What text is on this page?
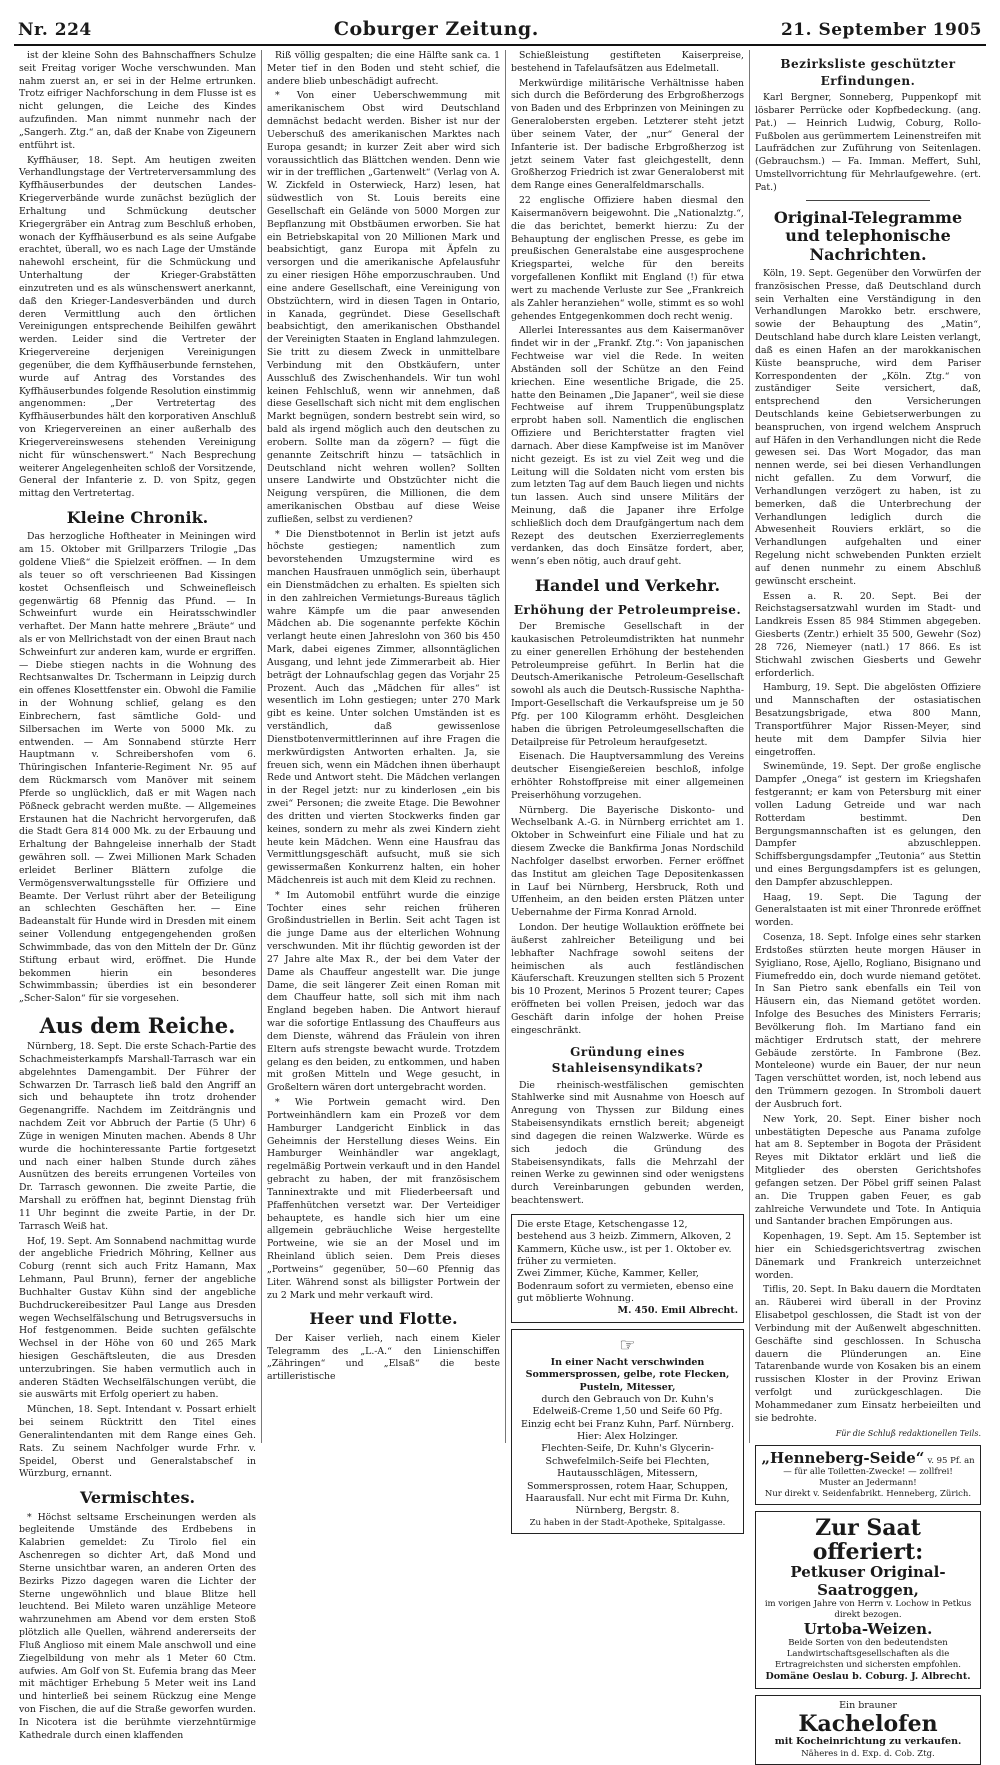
Nr. 224	Coburger Zeitung.	21. September 1905

ist der kleine Sohn des Bahnschaffners Schulze seit Freitag voriger Woche verschwunden. Man nahm zuerst an, er sei in der Helme ertrunken. Trotz eifriger Nachforschung in dem Flusse ist es nicht gelungen, die Leiche des Kindes aufzufinden. Man nimmt nunmehr nach der „Sangerh. Ztg.“ an, daß der Knabe von Zigeunern entführt ist.

Kyffhäuser, 18. Sept. Am heutigen zweiten Verhandlungstage der Vertreterversammlung des Kyffhäuserbundes der deutschen Landes-Kriegerverbände wurde zunächst bezüglich der Erhaltung und Schmückung deutscher Kriegergräber ein Antrag zum Beschluß erhoben, wonach der Kyffhäuserbund es als seine Aufgabe erachtet, überall, wo es nach Lage der Umstände nahewohl erscheint, für die Schmückung und Unterhaltung der Krieger-Grabstätten einzutreten und es als wünschenswert anerkannt, daß den Krieger-Landesverbänden und durch deren Vermittlung auch den örtlichen Vereinigungen entsprechende Beihilfen gewährt werden. Leider sind die Vertreter der Kriegervereine derjenigen Vereinigungen gegenüber, die dem Kyffhäuserbunde fernstehen, wurde auf Antrag des Vorstandes des Kyffhäuserbundes folgende Resolution einstimmig angenommen: „Der Vertretertag des Kyffhäuserbundes hält den korporativen Anschluß von Kriegervereinen an einer außerhalb des Kriegervereinswesens stehenden Vereinigung nicht für wünschenswert.“ Nach Besprechung weiterer Angelegenheiten schloß der Vorsitzende, General der Infanterie z. D. von Spitz, gegen mittag den Vertretertag.

Kleine Chronik.

Das herzogliche Hoftheater in Meiningen wird am 15. Oktober mit Grillparzers Trilogie „Das goldene Vließ“ die Spielzeit eröffnen. — In dem als teuer so oft verschrieenen Bad Kissingen kostet Ochsenfleisch und Schweinefleisch gegenwärtig 68 Pfennig das Pfund. — In Schweinfurt wurde ein Heiratsschwindler verhaftet. Der Mann hatte mehrere „Bräute“ und als er von Mellrichstadt von der einen Braut nach Schweinfurt zur anderen kam, wurde er ergriffen. — Diebe stiegen nachts in die Wohnung des Rechtsanwaltes Dr. Tschermann in Leipzig durch ein offenes Klosettfenster ein. Obwohl die Familie in der Wohnung schlief, gelang es den Einbrechern, fast sämtliche Gold- und Silbersachen im Werte von 5000 Mk. zu entwenden. — Am Sonnabend stürzte Herr Hauptmann v. Schreibershofen vom 6. Thüringischen Infanterie-Regiment Nr. 95 auf dem Rückmarsch vom Manöver mit seinem Pferde so unglücklich, daß er mit Wagen nach Pößneck gebracht werden mußte. — Allgemeines Erstaunen hat die Nachricht hervorgerufen, daß die Stadt Gera 814 000 Mk. zu der Erbauung und Erhaltung der Bahngeleise innerhalb der Stadt gewähren soll. — Zwei Millionen Mark Schaden erleidet Berliner Blättern zufolge die Vermögensverwaltungsstelle für Offiziere und Beamte. Der Verlust rührt aber der Beteiligung an schlechten Geschäften her. — Eine Badeanstalt für Hunde wird in Dresden mit einem seiner Vollendung entgegengehenden großen Schwimmbade, das von den Mitteln der Dr. Günz Stiftung erbaut wird, eröffnet. Die Hunde bekommen hierin ein besonderes Schwimmbassin; überdies ist ein besonderer „Scher-Salon“ für sie vorgesehen.

Aus dem Reiche.

Nürnberg, 18. Sept. Die erste Schach-Partie des Schachmeisterkampfs Marshall-Tarrasch war ein abgelehntes Damengambit. Der Führer der Schwarzen Dr. Tarrasch ließ bald den Angriff an sich und behauptete ihn trotz drohender Gegenangriffe. Nachdem im Zeitdrängnis und nachdem Zeit vor Abbruch der Partie (5 Uhr) 6 Züge in wenigen Minuten machen. Abends 8 Uhr wurde die hochinteressante Partie fortgesetzt und nach einer halben Stunde durch zähes Ausnützen des bereits errungenen Vorteiles von Dr. Tarrasch gewonnen. Die zweite Partie, die Marshall zu eröffnen hat, beginnt Dienstag früh 11 Uhr beginnt die zweite Partie, in der Dr. Tarrasch Weiß hat.

Hof, 19. Sept. Am Sonnabend nachmittag wurde der angebliche Friedrich Möhring, Kellner aus Coburg (rennt sich auch Fritz Hamann, Max Lehmann, Paul Brunn), ferner der angebliche Buchhalter Gustav Kühn sind der angebliche Buchdruckereibesitzer Paul Lange aus Dresden wegen Wechselfälschung und Betrugsversuchs in Hof festgenommen. Beide suchten gefälschte Wechsel in der Höhe von 60 und 265 Mark hiesigen Geschäftsleuten, die aus Dresden unterzubringen. Sie haben vermutlich auch in anderen Städten Wechselfälschungen verübt, die sie auswärts mit Erfolg operiert zu haben.

München, 18. Sept. Intendant v. Possart erhielt bei seinem Rücktritt den Titel eines Generalintendanten mit dem Range eines Geh. Rats. Zu seinem Nachfolger wurde Frhr. v. Speidel, Oberst und Generalstabschef in Würzburg, ernannt.

Vermischtes.

* Höchst seltsame Erscheinungen werden als begleitende Umstände des Erdbebens in Kalabrien gemeldet: Zu Tirolo fiel ein Aschenregen so dichter Art, daß Mond und Sterne unsichtbar waren, an anderen Orten des Bezirks Pizzo dagegen waren die Lichter der Sterne ungewöhnlich und blaue Blitze hell leuchtend. Bei Mileto waren unzählige Meteore wahrzunehmen am Abend vor dem ersten Stoß plötzlich alle Quellen, während andererseits der Fluß Anglioso mit einem Male anschwoll und eine Ziegelbildung von mehr als 1 Meter 60 Ctm. aufwies. Am Golf von St. Eufemia brang das Meer mit mächtiger Erhebung 5 Meter weit ins Land und hinterließ bei seinem Rückzug eine Menge von Fischen, die auf die Straße geworfen wurden. In Nicotera ist die berühmte vierzehntürmige Kathedrale durch einen klaffenden

Riß völlig gespalten; die eine Hälfte sank ca. 1 Meter tief in den Boden und steht schief, die andere blieb unbeschädigt aufrecht.

* Von einer Ueberschwemmung mit amerikanischem Obst wird Deutschland demnächst bedacht werden. Bisher ist nur der Ueberschuß des amerikanischen Marktes nach Europa gesandt; in kurzer Zeit aber wird sich voraussichtlich das Blättchen wenden. Denn wie wir in der trefflichen „Gartenwelt“ (Verlag von A. W. Zickfeld in Osterwieck, Harz) lesen, hat südwestlich von St. Louis bereits eine Gesellschaft ein Gelände von 5000 Morgen zur Bepflanzung mit Obstbäumen erworben. Sie hat ein Betriebskapital von 20 Millionen Mark und beabsichtigt, ganz Europa mit Äpfeln zu versorgen und die amerikanische Apfelausfuhr zu einer riesigen Höhe emporzuschrauben. Und eine andere Gesellschaft, eine Vereinigung von Obstzüchtern, wird in diesen Tagen in Ontario, in Kanada, gegründet. Diese Gesellschaft beabsichtigt, den amerikanischen Obsthandel der Vereinigten Staaten in England lahmzulegen. Sie tritt zu diesem Zweck in unmittelbare Verbindung mit den Obstkäufern, unter Ausschluß des Zwischenhandels. Wir tun wohl keinen Fehlschluß, wenn wir annehmen, daß diese Gesellschaft sich nicht mit dem englischen Markt begnügen, sondern bestrebt sein wird, so bald als irgend möglich auch den deutschen zu erobern. Sollte man da zögern? — fügt die genannte Zeitschrift hinzu — tatsächlich in Deutschland nicht wehren wollen? Sollten unsere Landwirte und Obstzüchter nicht die Neigung verspüren, die Millionen, die dem amerikanischen Obstbau auf diese Weise zufließen, selbst zu verdienen?

* Die Dienstbotennot in Berlin ist jetzt aufs höchste gestiegen; namentlich zum bevorstehenden Umzugstermine wird es manchen Hausfrauen unmöglich sein, überhaupt ein Dienstmädchen zu erhalten. Es spielten sich in den zahlreichen Vermietungs-Bureaus täglich wahre Kämpfe um die paar anwesenden Mädchen ab. Die sogenannte perfekte Köchin verlangt heute einen Jahreslohn von 360 bis 450 Mark, dabei eigenes Zimmer, allsonntäglichen Ausgang, und lehnt jede Zimmerarbeit ab. Hier beträgt der Lohnaufschlag gegen das Vorjahr 25 Prozent. Auch das „Mädchen für alles“ ist wesentlich im Lohn gestiegen; unter 270 Mark gibt es keine. Unter solchen Umständen ist es verständlich, daß gewissenlose Dienstbotenvermittlerinnen auf ihre Fragen die merkwürdigsten Antworten erhalten. Ja, sie freuen sich, wenn ein Mädchen ihnen überhaupt Rede und Antwort steht. Die Mädchen verlangen in der Regel jetzt: nur zu kinderlosen „ein bis zwei“ Personen; die zweite Etage. Die Bewohner des dritten und vierten Stockwerks finden gar keines, sondern zu mehr als zwei Kindern zieht heute kein Mädchen. Wenn eine Hausfrau das Vermittlungsgeschäft aufsucht, muß sie sich gewissermaßen Konkurrenz halten, ein hoher Mädchenreis ist auch mit dem Kleid zu rechnen.

* Im Automobil entführt wurde die einzige Tochter eines sehr reichen früheren Großindustriellen in Berlin. Seit acht Tagen ist die junge Dame aus der elterlichen Wohnung verschwunden. Mit ihr flüchtig geworden ist der 27 Jahre alte Max R., der bei dem Vater der Dame als Chauffeur angestellt war. Die junge Dame, die seit längerer Zeit einen Roman mit dem Chauffeur hatte, soll sich mit ihm nach England begeben haben. Die Antwort hierauf war die sofortige Entlassung des Chauffeurs aus dem Dienste, während das Fräulein von ihren Eltern aufs strengste bewacht wurde. Trotzdem gelang es den beiden, zu entkommen, und haben mit großen Mitteln und Wege gesucht, in Großeltern wären dort untergebracht worden.

* Wie Portwein gemacht wird. Den Portweinhändlern kam ein Prozeß vor dem Hamburger Landgericht Einblick in das Geheimnis der Herstellung dieses Weins. Ein Hamburger Weinhändler war angeklagt, regelmäßig Portwein verkauft und in den Handel gebracht zu haben, der mit französischem Tanninextrakte und mit Fliederbeersaft und Pfaffenhütchen versetzt war. Der Verteidiger behauptete, es handle sich hier um eine allgemein gebräuchliche Weise hergestellte Portweine, wie sie an der Mosel und im Rheinland üblich seien. Dem Preis dieses „Portweins“ gegenüber, 50—60 Pfennig das Liter. Während sonst als billigster Portwein der zu 2 Mark und mehr verkauft wird.

Heer und Flotte.

Der Kaiser verlieh, nach einem Kieler Telegramm des „L.-A.“ den Linienschiffen „Zähringen“ und „Elsaß“ die beste artilleristische

Schießleistung gestifteten Kaiserpreise, bestehend in Tafelaufsätzen aus Edelmetall.

Merkwürdige militärische Verhältnisse haben sich durch die Beförderung des Erbgroßherzogs von Baden und des Erbprinzen von Meiningen zu Generalobersten ergeben. Letzterer steht jetzt über seinem Vater, der „nur“ General der Infanterie ist. Der badische Erbgroßherzog ist jetzt seinem Vater fast gleichgestellt, denn Großherzog Friedrich ist zwar Generaloberst mit dem Range eines Generalfeldmarschalls.

22 englische Offiziere haben diesmal den Kaisermanövern beigewohnt. Die „Nationalztg.“, die das berichtet, bemerkt hierzu: Zu der Behauptung der englischen Presse, es gebe im preußischen Generalstabe eine ausgesprochene Kriegspartei, welche für den bereits vorgefallenen Konflikt mit England (!) für etwa wert zu machende Verluste zur See „Frankreich als Zahler heranziehen“ wolle, stimmt es so wohl gehendes Entgegenkommen doch recht wenig.

Allerlei Interessantes aus dem Kaisermanöver findet wir in der „Frankf. Ztg.“: Von japanischen Fechtweise war viel die Rede. In weiten Abständen soll der Schütze an den Feind kriechen. Eine wesentliche Brigade, die 25. hatte den Beinamen „Die Japaner“, weil sie diese Fechtweise auf ihrem Truppenübungsplatz erprobt haben soll. Namentlich die englischen Offiziere und Berichterstatter fragten viel darnach. Aber diese Kampfweise ist im Manöver nicht gezeigt. Es ist zu viel Zeit weg und die Leitung will die Soldaten nicht vom ersten bis zum letzten Tag auf dem Bauch liegen und nichts tun lassen. Auch sind unsere Militärs der Meinung, daß die Japaner ihre Erfolge schließlich doch dem Draufgängertum nach dem Rezept des deutschen Exerzierreglements verdanken, das doch Einsätze fordert, aber, wenn’s eben nötig, auch drauf geht.

Handel und Verkehr.
Erhöhung der Petroleumpreise.

Der Bremische Gesellschaft in der kaukasischen Petroleumdistrikten hat nunmehr zu einer generellen Erhöhung der bestehenden Petroleumpreise geführt. In Berlin hat die Deutsch-Amerikanische Petroleum-Gesellschaft sowohl als auch die Deutsch-Russische Naphtha-Import-Gesellschaft die Verkaufspreise um je 50 Pfg. per 100 Kilogramm erhöht. Desgleichen haben die übrigen Petroleumgesellschaften die Detailpreise für Petroleum heraufgesetzt.

Eisenach. Die Hauptversammlung des Vereins deutscher Eisengießereien beschloß, infolge erhöhter Rohstoffpreise mit einer allgemeinen Preiserhöhung vorzugehen.

Nürnberg. Die Bayerische Diskonto- und Wechselbank A.-G. in Nürnberg errichtet am 1. Oktober in Schweinfurt eine Filiale und hat zu diesem Zwecke die Bankfirma Jonas Nordschild Nachfolger daselbst erworben. Ferner eröffnet das Institut am gleichen Tage Depositenkassen in Lauf bei Nürnberg, Hersbruck, Roth und Uffenheim, an den beiden ersten Plätzen unter Uebernahme der Firma Konrad Arnold.

London. Der heutige Wollauktion eröffnete bei äußerst zahlreicher Beteiligung und bei lebhafter Nachfrage sowohl seitens der heimischen als auch festländischen Käuferschaft. Kreuzungen stellten sich 5 Prozent bis 10 Prozent, Merinos 5 Prozent teurer; Capes eröffneten bei vollen Preisen, jedoch war das Geschäft darin infolge der hohen Preise eingeschränkt.

Gründung eines Stahleisensyndikats?

Die rheinisch-westfälischen gemischten Stahlwerke sind mit Ausnahme von Hoesch auf Anregung von Thyssen zur Bildung eines Stabeisensyndikats ernstlich bereit; abgeneigt sind dagegen die reinen Walzwerke. Würde es sich jedoch die Gründung des Stabeisensyndikats, falls die Mehrzahl der reinen Werke zu gewinnen sind oder wenigstens durch Vereinbarungen gebunden werden, beachtenswert.

Die erste Etage, Ketschengasse 12, bestehend aus 3 heizb. Zimmern, Alkoven, 2 Kammern, Küche usw., ist per 1. Oktober ev. früher zu vermieten.
Zwei Zimmer, Küche, Kammer, Keller, Bodenraum sofort zu vermieten, ebenso eine gut möblierte Wohnung.
M. 450. Emil Albrecht.
☞
In einer Nacht verschwinden Sommersprossen, gelbe, rote Flecken, Pusteln, Mitesser,
durch den Gebrauch von Dr. Kuhn's Edelweiß-Creme 1,50 und Seife 60 Pfg. Einzig echt bei Franz Kuhn, Parf. Nürnberg. Hier: Alex Holzinger.
Flechten-Seife, Dr. Kuhn's Glycerin-Schwefelmilch-Seife bei Flechten, Hautausschlägen, Mitessern, Sommersprossen, rotem Haar, Schuppen, Haarausfall. Nur echt mit Firma Dr. Kuhn, Nürnberg, Bergstr. 8.
Zu haben in der Stadt-Apotheke, Spitalgasse.
Bezirksliste geschützter Erfindungen.

Karl Bergner, Sonneberg, Puppenkopf mit lösbarer Perrücke oder Kopfbedeckung. (ang. Pat.) — Heinrich Ludwig, Coburg, Rollo-Fußbolen aus gerümmertem Leinenstreifen mit Laufrädchen zur Zuführung von Seitenlagen. (Gebrauchsm.) — Fa. Imman. Meffert, Suhl, Umstellvorrichtung für Mehrlaufgewehre. (ert. Pat.)

Original-Telegramme und telephonische Nachrichten.

Köln, 19. Sept. Gegenüber den Vorwürfen der französischen Presse, daß Deutschland durch sein Verhalten eine Verständigung in den Verhandlungen Marokko betr. erschwere, sowie der Behauptung des „Matin“, Deutschland habe durch klare Leisten verlangt, daß es einen Hafen an der marokkanischen Küste beanspruche, wird dem Pariser Korrespondenten der „Köln. Ztg.“ von zuständiger Seite versichert, daß, entsprechend den Versicherungen Deutschlands keine Gebietserwerbungen zu beanspruchen, von irgend welchem Anspruch auf Häfen in den Verhandlungen nicht die Rede gewesen sei. Das Wort Mogador, das man nennen werde, sei bei diesen Verhandlungen nicht gefallen. Zu dem Vorwurf, die Verhandlungen verzögert zu haben, ist zu bemerken, daß die Unterbrechung der Verhandlungen lediglich durch die Abwesenheit Rouviers erklärt, so die Verhandlungen aufgehalten und einer Regelung nicht schwebenden Punkten erzielt auf denen nunmehr zu einem Abschluß gewünscht erscheint.

Essen a. R. 20. Sept. Bei der Reichstagsersatzwahl wurden im Stadt- und Landkreis Essen 85 984 Stimmen abgegeben. Giesberts (Zentr.) erhielt 35 500, Gewehr (Soz) 28 726, Niemeyer (natl.) 17 866. Es ist Stichwahl zwischen Giesberts und Gewehr erforderlich.

Hamburg, 19. Sept. Die abgelösten Offiziere und Mannschaften der ostasiatischen Besatzungsbrigade, etwa 800 Mann, Transportführer Major Rissen-Meyer, sind heute mit dem Dampfer Silvia hier eingetroffen.

Swinemünde, 19. Sept. Der große englische Dampfer „Onega“ ist gestern im Kriegshafen festgerannt; er kam von Petersburg mit einer vollen Ladung Getreide und war nach Rotterdam bestimmt. Den Bergungsmannschaften ist es gelungen, den Dampfer abzuschleppen. Schiffsbergungsdampfer „Teutonia“ aus Stettin und eines Bergungsdampfers ist es gelungen, den Dampfer abzuschleppen.

Haag, 19. Sept. Die Tagung der Generalstaaten ist mit einer Thronrede eröffnet worden.

Cosenza, 18. Sept. Infolge eines sehr starken Erdstoßes stürzten heute morgen Häuser in Syigliano, Rose, Ajello, Rogliano, Bisignano und Fiumefreddo ein, doch wurde niemand getötet. In San Pietro sank ebenfalls ein Teil von Häusern ein, das Niemand getötet worden. Infolge des Besuches des Ministers Ferraris; Bevölkerung floh. Im Martiano fand ein mächtiger Erdrutsch statt, der mehrere Gebäude zerstörte. In Fambrone (Bez. Monteleone) wurde ein Bauer, der nur neun Tagen verschüttet worden, ist, noch lebend aus den Trümmern gezogen. In Stromboli dauert der Ausbruch fort.

New York, 20. Sept. Einer bisher noch unbestätigten Depesche aus Panama zufolge hat am 8. September in Bogota der Präsident Reyes mit Diktator erklärt und ließ die Mitglieder des obersten Gerichtshofes gefangen setzen. Der Pöbel griff seinen Palast an. Die Truppen gaben Feuer, es gab zahlreiche Verwundete und Tote. In Antiquia und Santander brachen Empörungen aus.

Kopenhagen, 19. Sept. Am 15. September ist hier ein Schiedsgerichtsvertrag zwischen Dänemark und Frankreich unterzeichnet worden.

Tiflis, 20. Sept. In Baku dauern die Mordtaten an. Räuberei wird überall in der Provinz Elisabetpol geschlossen, die Stadt ist von der Verbindung mit der Außenwelt abgeschnitten. Geschäfte sind geschlossen. In Schuscha dauern die Plünderungen an. Eine Tatarenbande wurde von Kosaken bis an einem russischen Kloster in der Provinz Eriwan verfolgt und zurückgeschlagen. Die Mohammedaner zum Einsatz herbeieilten und sie bedrohte.

Für die Schluß redaktionellen Teils.
„Henneberg-Seide“ v. 95 Pf. an
— für alle Toiletten-Zwecke! — zollfrei!
Muster an Jedermann!
Nur direkt v. Seidenfabrikt. Henneberg, Zürich.
Zur Saat offeriert:
Petkuser Original-Saatroggen,
im vorigen Jahre von Herrn v. Lochow in Petkus direkt bezogen.
Urtoba-Weizen.
Beide Sorten von den bedeutendsten Landwirtschaftsgesellschaften als die Ertragreichsten und sichersten empfohlen.
Domäne Oeslau b. Coburg. J. Albrecht.
Ein brauner
Kachelofen
mit Kocheinrichtung zu verkaufen.
Näheres in d. Exp. d. Cob. Ztg.
